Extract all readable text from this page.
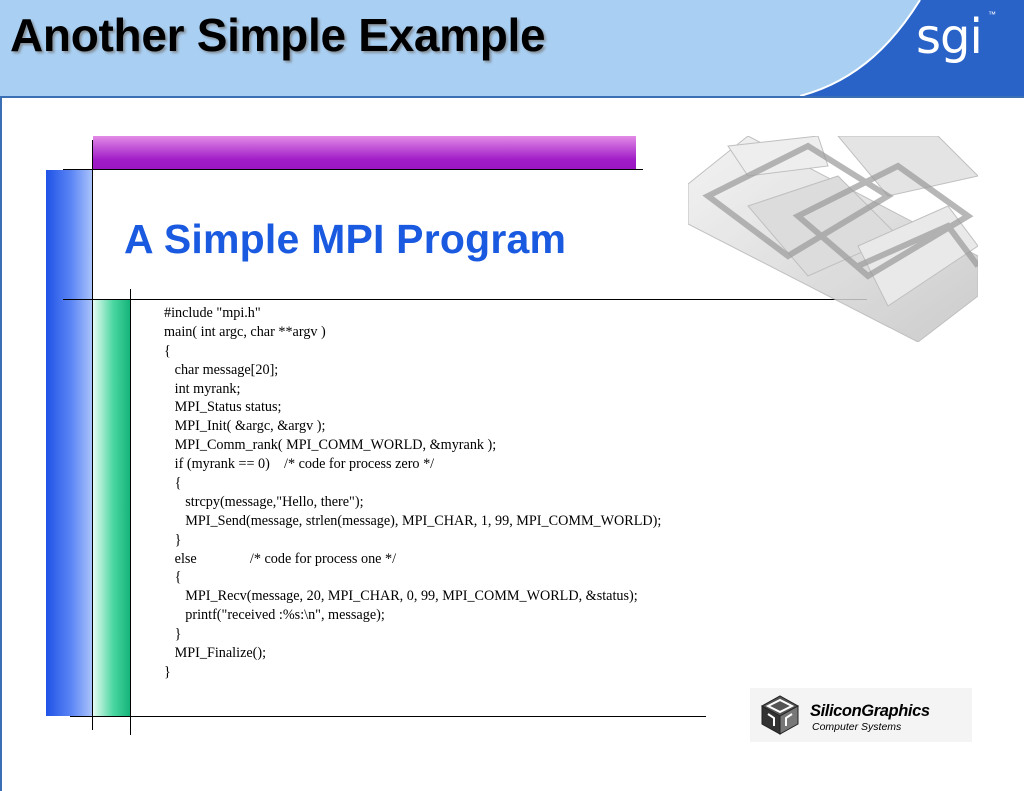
Another Simple Example	sgi ™
A Simple MPI Program
#include "mpi.h"
main( int argc, char **argv )
{
char message[20];
int myrank;
MPI_Status status;
MPI_Init( &argc, &argv );
MPI_Comm_rank( MPI_COMM_WORLD, &myrank );
if (myrank == 0)    /* code for process zero */
{
strcpy(message,"Hello, there");
MPI_Send(message, strlen(message), MPI_CHAR, 1, 99, MPI_COMM_WORLD);
}
else               /* code for process one */
{
MPI_Recv(message, 20, MPI_CHAR, 0, 99, MPI_COMM_WORLD, &status);
printf("received :%s:\n", message);
}
MPI_Finalize();
}
SiliconGraphics
Computer Systems
